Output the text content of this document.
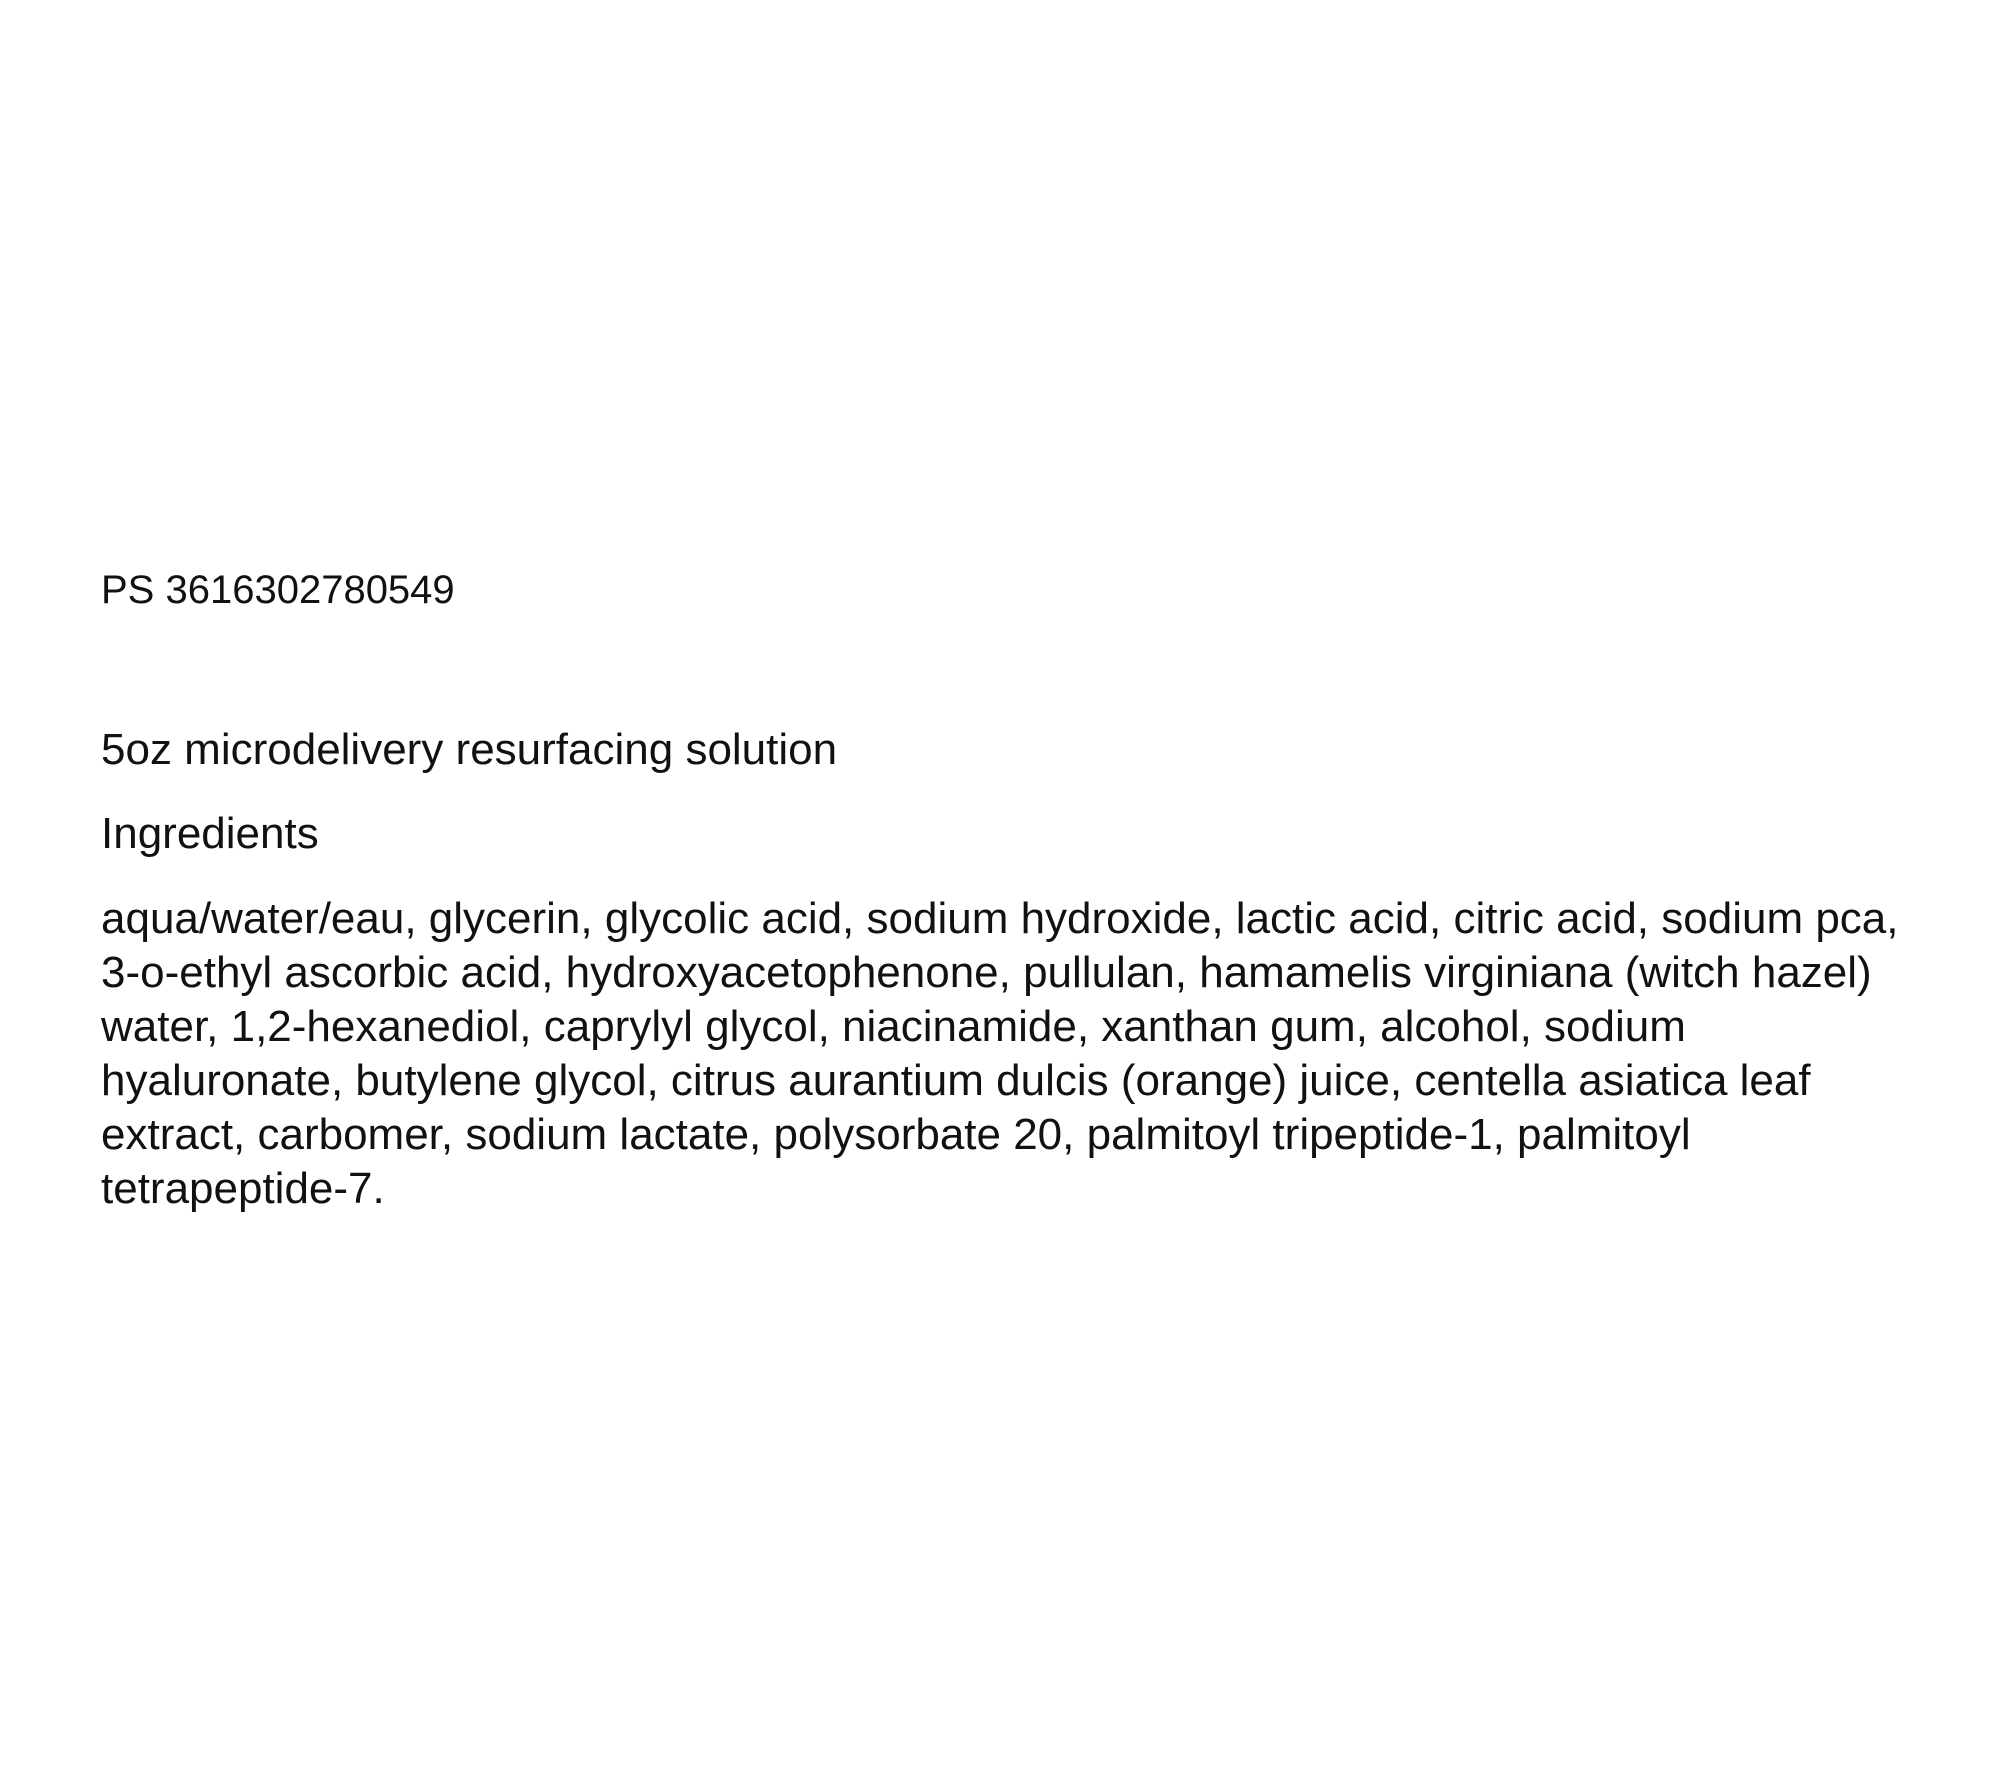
PS 3616302780549
5oz microdelivery resurfacing solution
Ingredients

aqua/water/eau, glycerin, glycolic acid, sodium hydroxide, lactic acid, citric acid, sodium pca, 3-o-ethyl ascorbic acid, hydroxyacetophenone, pullulan, hamamelis virginiana (witch hazel) water, 1,2-hexanediol, caprylyl glycol, niacinamide, xanthan gum, alcohol, sodium hyaluronate, butylene glycol, citrus aurantium dulcis (orange) juice, centella asiatica leaf extract, carbomer, sodium lactate, polysorbate 20, palmitoyl tripeptide-1, palmitoyl tetrapeptide-7.
